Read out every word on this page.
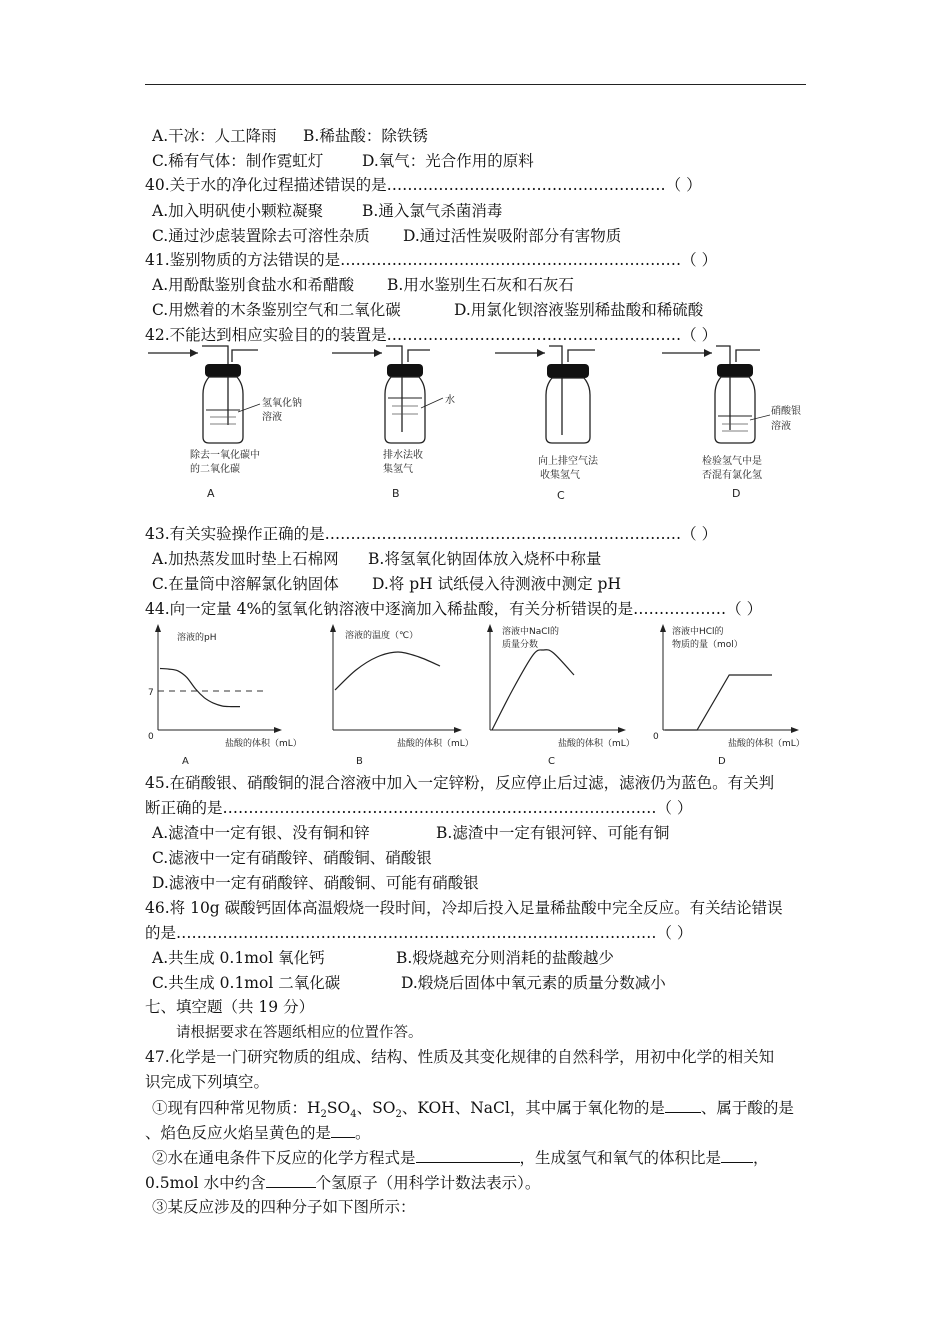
A.干冰：人工降雨 B.稀盐酸：除铁锈
C.稀有气体：制作霓虹灯	D.氧气：光合作用的原料
40.关于水的净化过程描述错误的是………………………………………………（ ）
A.加入明矾使小颗粒凝聚	B.通入氯气杀菌消毒
C.通过沙虑装置除去可溶性杂质 D.通过活性炭吸附部分有害物质
41.鉴别物质的方法错误的是…………………………………………………………（ ）
A.用酚酞鉴别食盐水和希醋酸 B.用水鉴别生石灰和石灰石
C.用燃着的木条鉴别空气和二氧化碳	D.用氯化钡溶液鉴别稀盐酸和稀硫酸
42.不能达到相应实验目的的装置是…………………………………………………（ ）
氢氧化钠
溶液
除去一氧化碳中
的二氧化碳
A
水
排水法收
集氢气
B
向上排空气法
收集氢气
C
硝酸银
溶液
检验氢气中是
否混有氯化氢
D
43.有关实验操作正确的是……………………………………………………………（ ）
A.加热蒸发皿时垫上石棉网 B.将氢氧化钠固体放入烧杯中称量
C.在量筒中溶解氯化钠固体 D.将 pH 试纸侵入待测液中测定 pH
44.向一定量 4%的氢氧化钠溶液中逐滴加入稀盐酸，有关分析错误的是………………（ ）
7
0
溶液的pH
盐酸的体积（mL）
A
溶液的温度（℃）
盐酸的体积（mL）
B
溶液中NaCl的
质量分数
盐酸的体积（mL）
C
0
溶液中HCl的
物质的量（mol）
盐酸的体积（mL）
D
45.在硝酸银、硝酸铜的混合溶液中加入一定锌粉，反应停止后过滤，滤液仍为蓝色。有关判
断正确的是…………………………………………………………………………（ ）
A.滤渣中一定有银、没有铜和锌	B.滤渣中一定有银河锌、可能有铜
C.滤液中一定有硝酸锌、硝酸铜、硝酸银
D.滤液中一定有硝酸锌、硝酸铜、可能有硝酸银
46.将 10g 碳酸钙固体高温煅烧一段时间，冷却后投入足量稀盐酸中完全反应。有关结论错误
的是…………………………………………………………………………………（ ）
A.共生成 0.1mol 氧化钙	B.煅烧越充分则消耗的盐酸越少
C.共生成 0.1mol 二氧化碳	D.煅烧后固体中氧元素的质量分数减小
七、填空题（共 19 分）
请根据要求在答题纸相应的位置作答。
47.化学是一门研究物质的组成、结构、性质及其变化规律的自然科学，用初中化学的相关知
识完成下列填空。
①现有四种常见物质：$H_2SO_4$、$SO_2$、KOH、NaCl，其中属于氧化物的是 、属于酸的是
、焰色反应火焰呈黄色的是 。
②水在通电条件下反应的化学方程式是	，生成氢气和氧气的体积比是 ，
0.5mol 水中约含	个氢原子（用科学计数法表示）。
③某反应涉及的四种分子如下图所示：
